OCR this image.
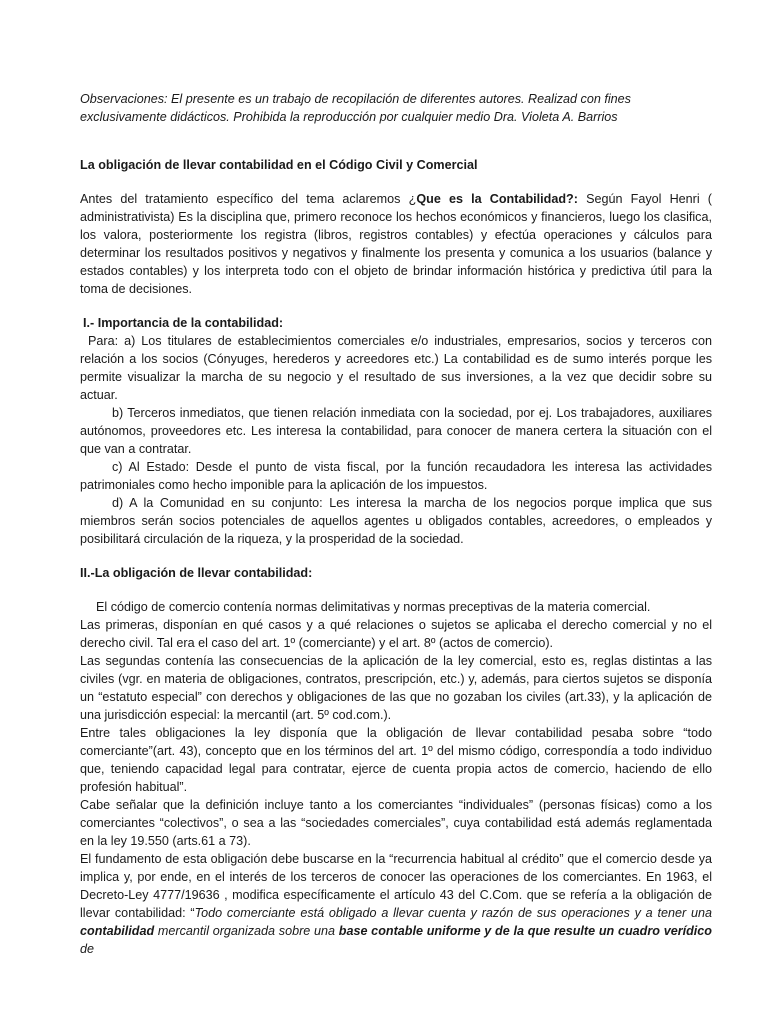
Observaciones: El presente es un trabajo de recopilación de diferentes autores. Realizad con fines exclusivamente didácticos. Prohibida la reproducción por cualquier medio Dra. Violeta A. Barrios

La obligación de llevar contabilidad en el Código Civil y Comercial

Antes del tratamiento específico del tema aclaremos ¿Que es la Contabilidad?: Según Fayol Henri ( administrativista) Es la disciplina que, primero reconoce los hechos económicos y financieros, luego los clasifica, los valora, posteriormente los registra (libros, registros contables) y efectúa operaciones y cálculos para determinar los resultados positivos y negativos y finalmente los presenta y comunica a los usuarios (balance y estados contables) y los interpreta todo con el objeto de brindar información histórica y predictiva útil para la toma de decisiones.

I.- Importancia de la contabilidad:

Para: a) Los titulares de establecimientos comerciales e/o industriales, empresarios, socios y terceros con relación a los socios (Cónyuges, herederos y acreedores etc.) La contabilidad es de sumo interés porque les permite visualizar la marcha de su negocio y el resultado de sus inversiones, a la vez que decidir sobre su actuar.

b) Terceros inmediatos, que tienen relación inmediata con la sociedad, por ej. Los trabajadores, auxiliares autónomos, proveedores etc. Les interesa la contabilidad, para conocer de manera certera la situación con el que van a contratar.

c) Al Estado: Desde el punto de vista fiscal, por la función recaudadora les interesa las actividades patrimoniales como hecho imponible para la aplicación de los impuestos.

d) A la Comunidad en su conjunto: Les interesa la marcha de los negocios porque implica que sus miembros serán socios potenciales de aquellos agentes u obligados contables, acreedores, o empleados y posibilitará circulación de la riqueza, y la prosperidad de la sociedad.

II.-La obligación de llevar contabilidad:

El código de comercio contenía normas delimitativas y normas preceptivas de la materia comercial.

Las primeras, disponían en qué casos y a qué relaciones o sujetos se aplicaba el derecho comercial y no el derecho civil. Tal era el caso del art. 1º (comerciante) y el art. 8º (actos de comercio).

Las segundas contenía las consecuencias de la aplicación de la ley comercial, esto es, reglas distintas a las civiles (vgr. en materia de obligaciones, contratos, prescripción, etc.) y, además, para ciertos sujetos se disponía un “estatuto especial” con derechos y obligaciones de las que no gozaban los civiles (art.33), y la aplicación de una jurisdicción especial: la mercantil (art. 5º cod.com.).

Entre tales obligaciones la ley disponía que la obligación de llevar contabilidad pesaba sobre “todo comerciante”(art. 43), concepto que en los términos del art. 1º del mismo código, correspondía a todo individuo que, teniendo capacidad legal para contratar, ejerce de cuenta propia actos de comercio, haciendo de ello profesión habitual”.

Cabe señalar que la definición incluye tanto a los comerciantes “individuales” (personas físicas) como a los comerciantes “colectivos”, o sea a las “sociedades comerciales”, cuya contabilidad está además reglamentada en la ley 19.550 (arts.61 a 73).

El fundamento de esta obligación debe buscarse en la “recurrencia habitual al crédito” que el comercio desde ya implica y, por ende, en el interés de los terceros de conocer las operaciones de los comerciantes. En 1963, el Decreto-Ley 4777/19636 , modifica específicamente el artículo 43 del C.Com. que se refería a la obligación de llevar contabilidad: “Todo comerciante está obligado a llevar cuenta y razón de sus operaciones y a tener una contabilidad mercantil organizada sobre una base contable uniforme y de la que resulte un cuadro verídico de
